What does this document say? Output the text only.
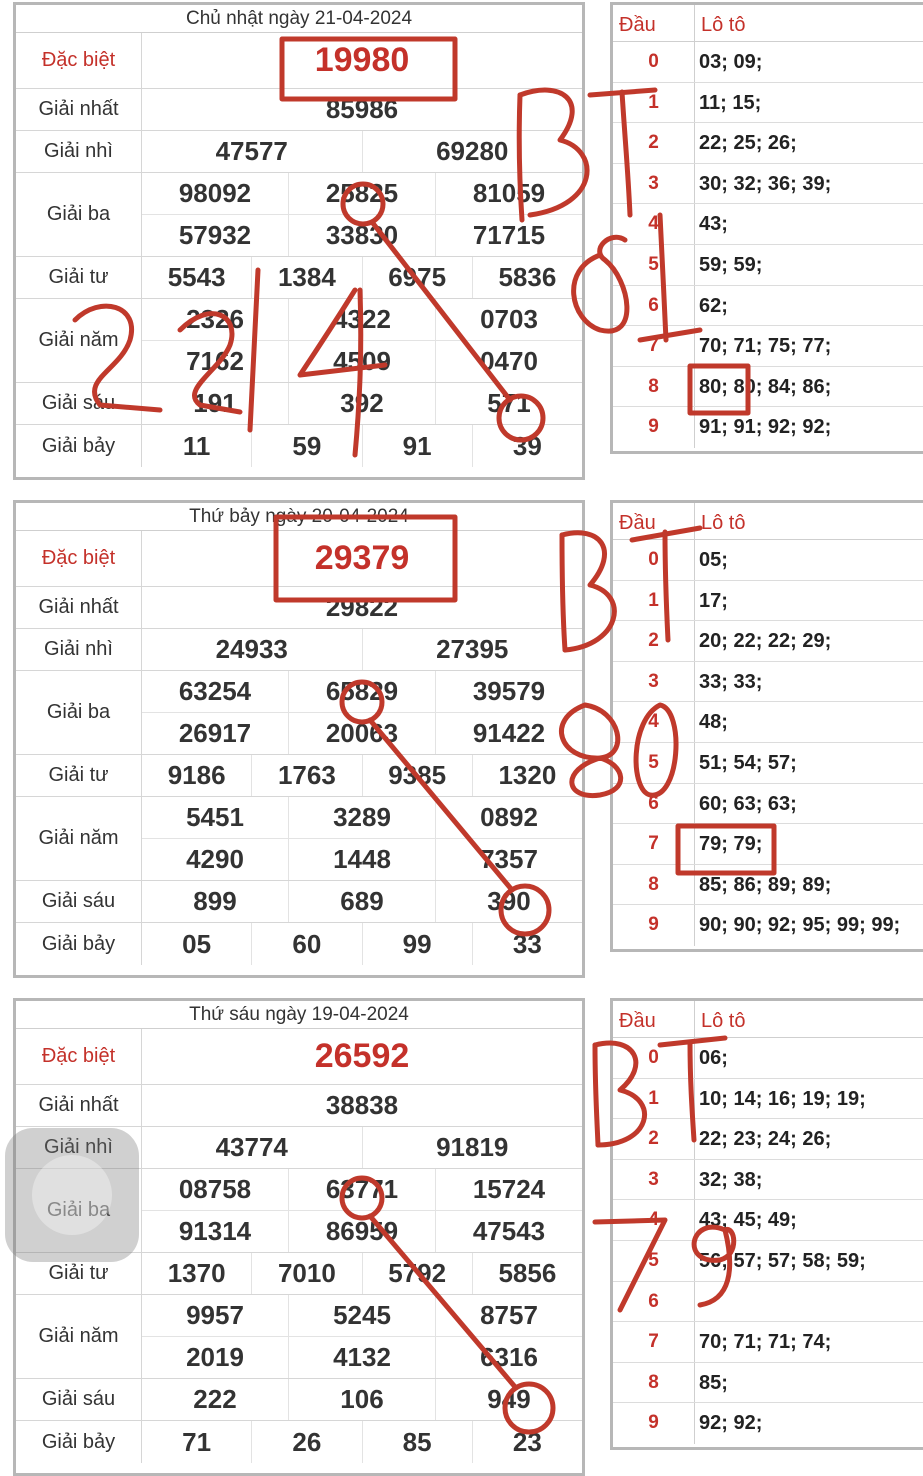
Chủ nhật ngày 21-04-2024
Đặc biệt	19980
Giải nhất	85986
Giải nhì	47577	69280
Giải ba
98092	25825	81059
57932	33830	71715
Giải tư	5543	1384	6975	5836
Giải năm
2326	4322	0703
7162	4509	0470
Giải sáu	191	392	571
Giải bảy	11	59	91	39
Thứ bảy ngày 20-04-2024
Đặc biệt	29379
Giải nhất	29822
Giải nhì	24933	27395
Giải ba
63254	65829	39579
26917	20063	91422
Giải tư	9186	1763	9385	1320
Giải năm
5451	3289	0892
4290	1448	7357
Giải sáu	899	689	390
Giải bảy	05	60	99	33
Thứ sáu ngày 19-04-2024
Đặc biệt	26592
Giải nhất	38838
Giải nhì	43774	91819
Giải ba
08758	63771	15724
91314	86959	47543
Giải tư	1370	7010	5792	5856
Giải năm
9957	5245	8757
2019	4132	6316
Giải sáu	222	106	949
Giải bảy	71	26	85	23
Đầu	Lô tô
0	03; 09;
1	11; 15;
2	22; 25; 26;
3	30; 32; 36; 39;
4	43;
5	59; 59;
6	62;
7	70; 71; 75; 77;
8	80; 80; 84; 86;
9	91; 91; 92; 92;
Đầu	Lô tô
0	05;
1	17;
2	20; 22; 22; 29;
3	33; 33;
4	48;
5	51; 54; 57;
6	60; 63; 63;
7	79; 79;
8	85; 86; 89; 89;
9	90; 90; 92; 95; 99; 99;
Đầu	Lô tô
0	06;
1	10; 14; 16; 19; 19;
2	22; 23; 24; 26;
3	32; 38;
4	43; 45; 49;
5	56; 57; 57; 58; 59;
6
7	70; 71; 71; 74;
8	85;
9	92; 92;
